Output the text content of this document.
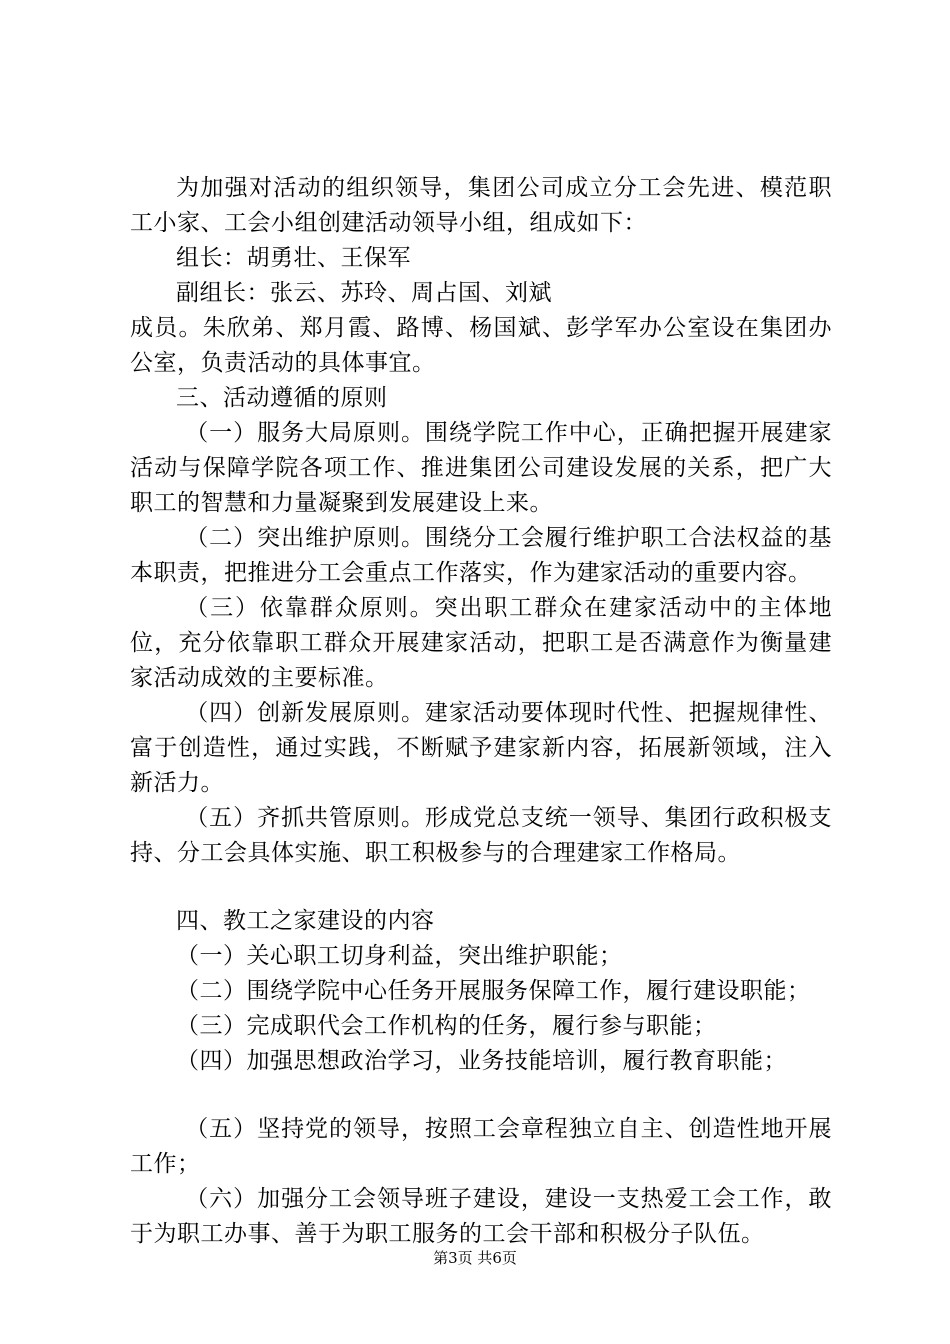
为加强对活动的组织领导，集团公司成立分工会先进、模范职工小家、工会小组创建活动领导小组，组成如下：

组长：胡勇壮、王保军

副组长：张云、苏玲、周占国、刘斌

成员。朱欣弟、郑月霞、路博、杨国斌、彭学军办公室设在集团办公室，负责活动的具体事宜。

三、活动遵循的原则

（一）服务大局原则。围绕学院工作中心，正确把握开展建家活动与保障学院各项工作、推进集团公司建设发展的关系，把广大职工的智慧和力量凝聚到发展建设上来。

（二）突出维护原则。围绕分工会履行维护职工合法权益的基本职责，把推进分工会重点工作落实，作为建家活动的重要内容。

（三）依靠群众原则。突出职工群众在建家活动中的主体地位，充分依靠职工群众开展建家活动，把职工是否满意作为衡量建家活动成效的主要标准。

（四）创新发展原则。建家活动要体现时代性、把握规律性、富于创造性，通过实践，不断赋予建家新内容，拓展新领域，注入新活力。

（五）齐抓共管原则。形成党总支统一领导、集团行政积极支持、分工会具体实施、职工积极参与的合理建家工作格局。

四、教工之家建设的内容

（一）关心职工切身利益，突出维护职能；

（二）围绕学院中心任务开展服务保障工作，履行建设职能；

（三）完成职代会工作机构的任务，履行参与职能；

（四）加强思想政治学习，业务技能培训，履行教育职能；

（五）坚持党的领导，按照工会章程独立自主、创造性地开展工作；

（六）加强分工会领导班子建设，建设一支热爱工会工作，敢于为职工办事、善于为职工服务的工会干部和积极分子队伍。

第3页 共6页
